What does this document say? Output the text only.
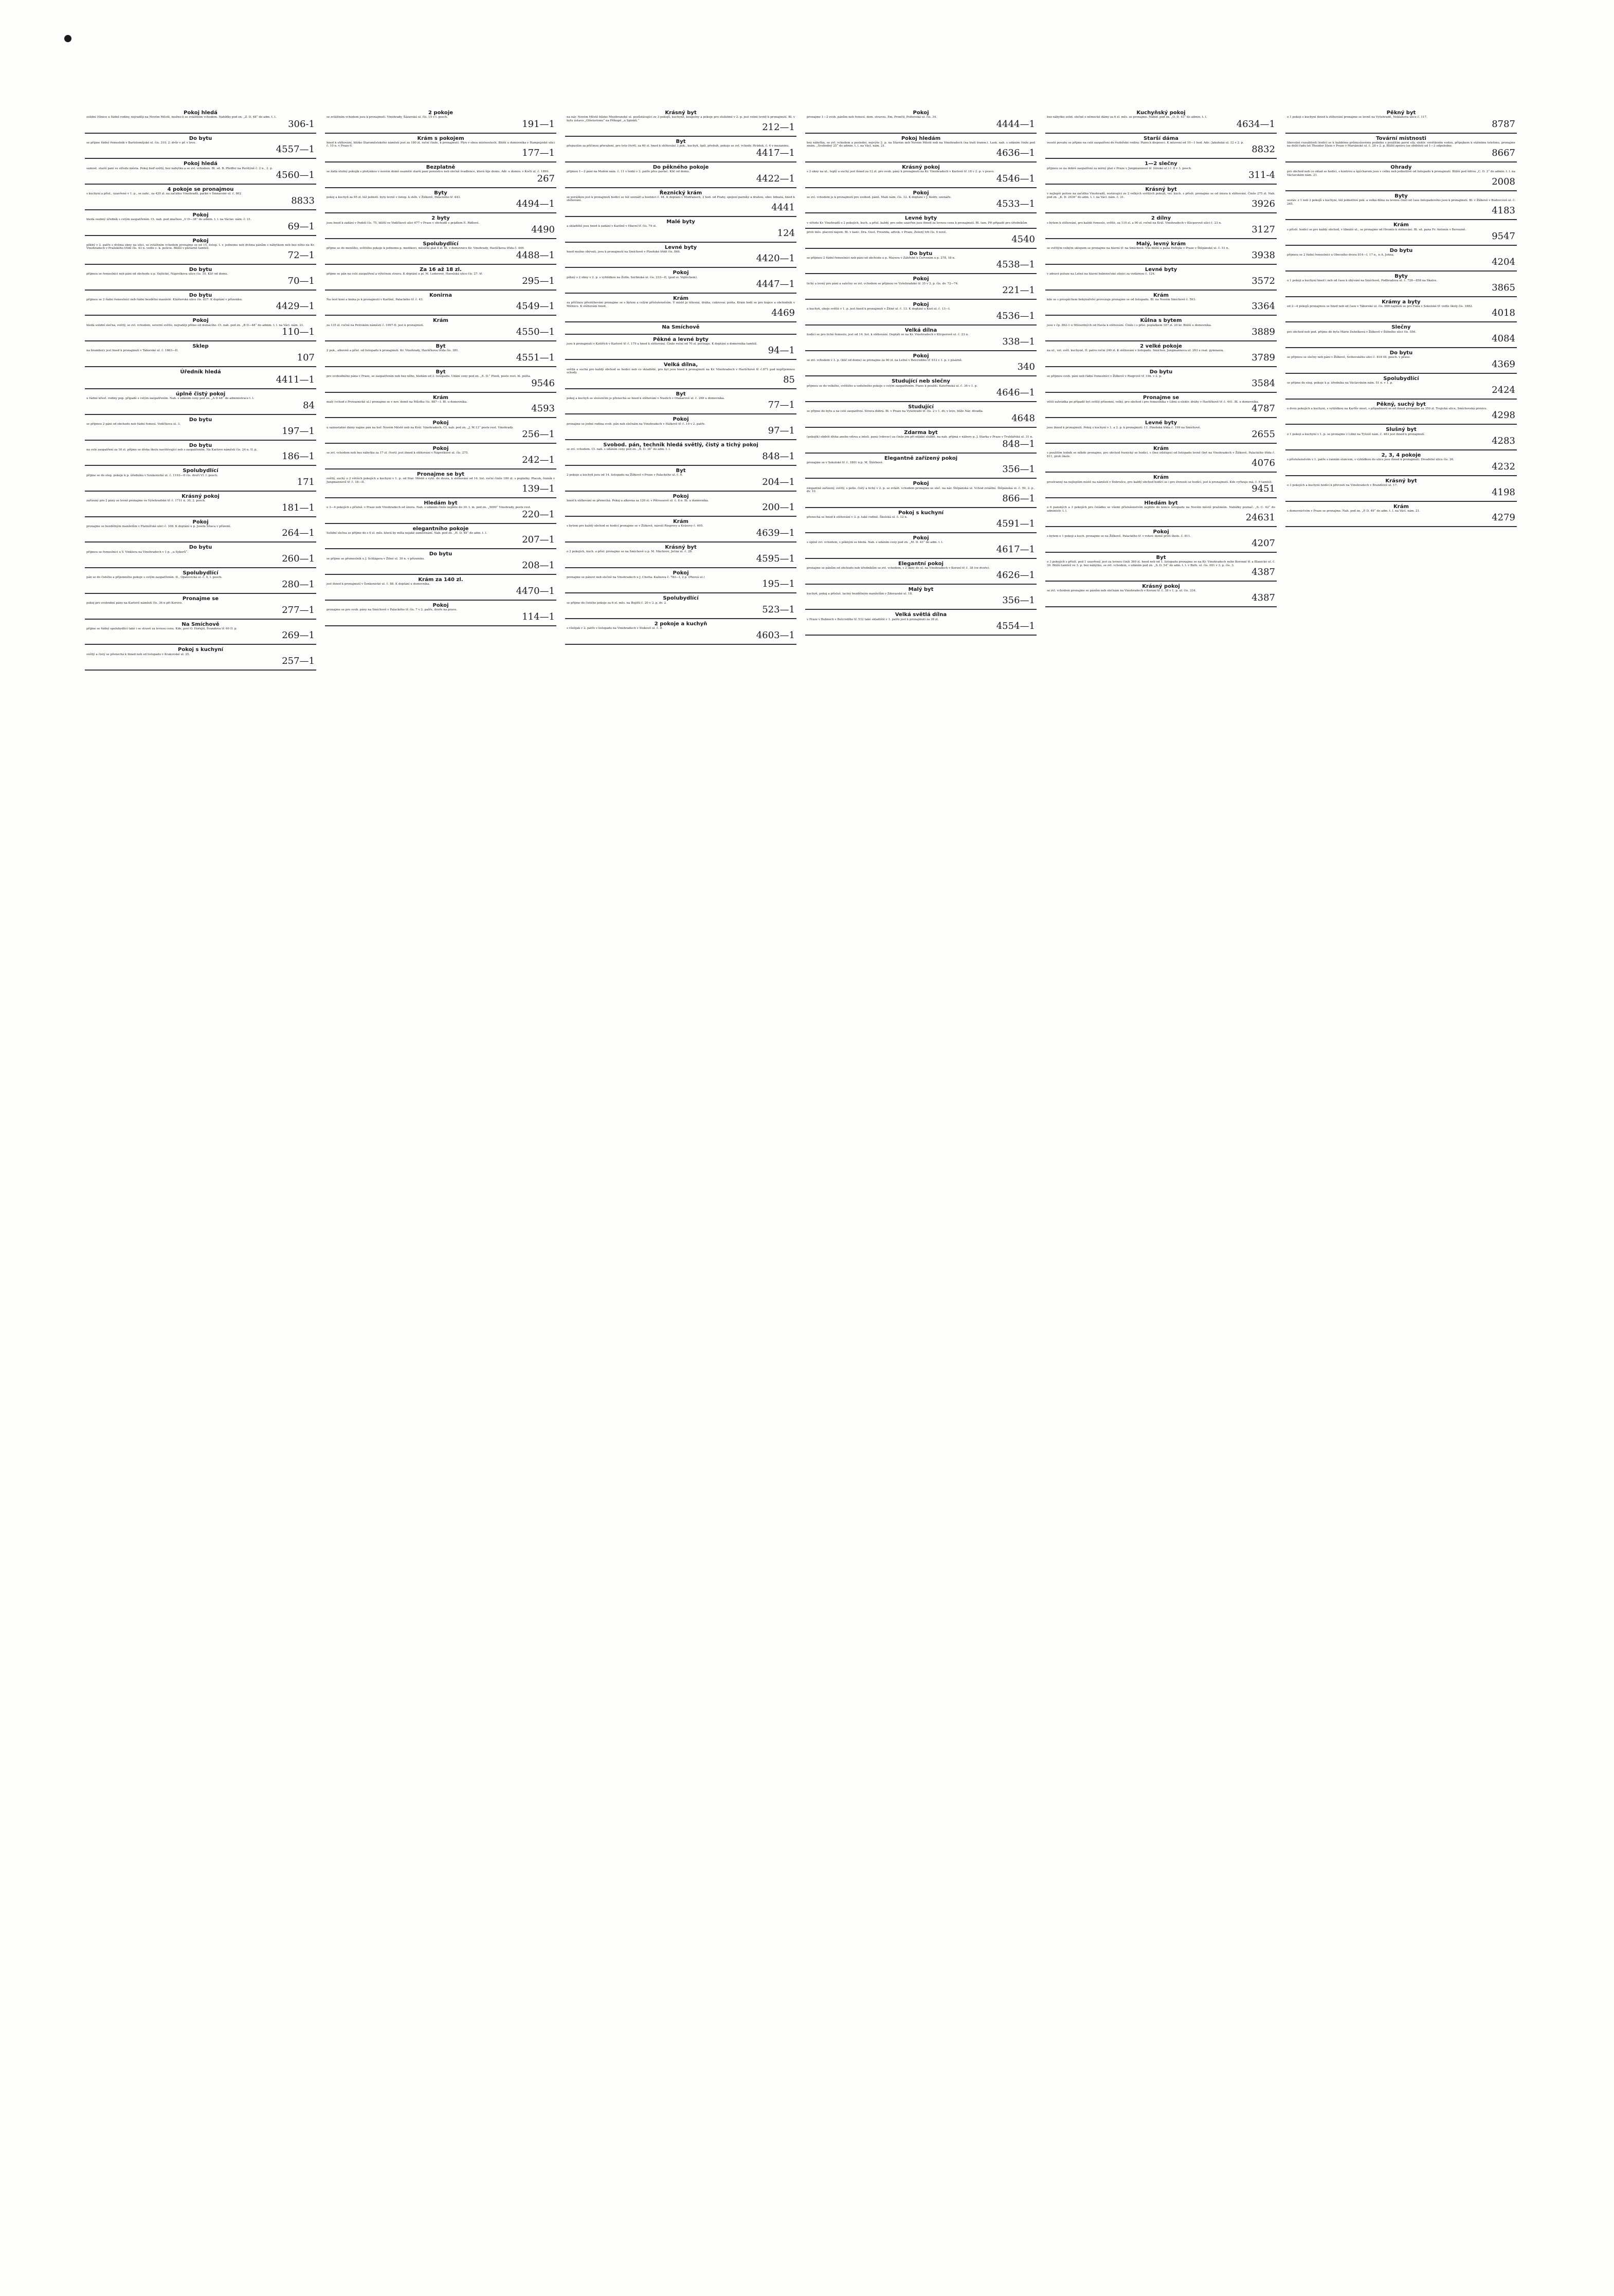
Pokoj hledá
solidní číšnice u řádné rodiny, nejraději na Novém Městě, možno-li se zvláštním vchodem. Nabídky pod zn. „Z. D. 48“ do adm. t. l.
306-1
Do bytu
se přijme řádný řemeslník v Bartolomějské ul. čís. 310, 2. dvůr v př. v levo.
4557—1
Pokoj hledá
samost. starší paní ve středu města. Pokoj buď světlý, bez nábytku a se zvl. vchodem. Bl. sd. B. Pfeiffer na Perštýně č. 2 n., 2. p.
4560—1
4 pokoje se pronajmou
s kuchyní a přísl., uzavřené v 1. p., se zahr., za 420 zl. na začátku Vinohradů. parkn v Šmnavské ul. č. 862
8833
Pokoj
hledá osobný úředník s celým zaopatřením. Ct. nab. pod značkou „U D—38“ do admin. t. l. na Václav. nám. č. 21.
69—1
Pokoj
pěkný v 2. patře s dvěma okny na ulici, se zvláštním vchodem pronajme se od 15. listop. t. r. jednomu neb dvěma pánům s nábytkem neb bez něho na Kr. Vinohradech v Pražského třídě čís. 43 n. vedle c. k. policie. Bližší v pletárně tamtéž.
72—1
Do bytu
přijmou se řemeslníci neb páni od obchodu u p. Vejšické, Náprstkova ulice čís. 10, Klíč od domu.
70—1
Do bytu
přijmou se 2 řádní řemeslníci neb řádní bezdětní manželé. Klášterská ulice čís. 837. K doptání v přízemku.
4429—1
Pokoj
hledá solidní slečna, světlý, se zvl. vchodem, severní světlo, nejraději přímo od domácího. Ct. nab. pod zn. „B D—48“ do admin. t. l. na Václ. nám. 21.
110—1
Sklep
na brambory jest hned k pronajmutí v Táborské ul. č. 1863—II.
107
Úředník hledá
4411—1
úplně čistý pokoj
u řádné křesť. rodiny pop. případě s celým zaopatřením. Nab. s udáním ceny pod zn. „A D 48“ do administrace t. l.
84
Do bytu
se přijmou 2 páni od obchodu neb řádní řemesl. Vodičkova ul. 3.
197—1
Do bytu
na celé zaopatření za 16 zl. přijme se dívka školu navštěvující neb s zaopatřením. Na Karlovo náměstí čís. 24 n. II. p.
186—1
Spolubydlící
přijme se do eleg. pokoje k p. úředníku v Soukenické ul. č. 1193—II čís. dveří VI. I. posch.
171
Krásný pokoj
zařízený pro 2 pány se levně pronajme ve Vyšehradské tř. č. 1711 n. 30, 2. posch.
181—1
Pokoj
pronajme se bezdětným manželům v Platnéřské ulici č. 108. K doptání u p. Josefa Šítaca v přízemí.
264—1
Do bytu
přijmou se řemeslníci u V. Vinklera na Vinohradech v 1 p. „u Sykorů“.
260—1
Spolubydlící
pán se do čistého a příjemného pokoje s celým zaopatřením. II., Opatovická ul. č. 4, I. posch.
280—1
Pronajme se
pokoj pro svobodné pány na Karlově náměstí čís. 36 n při Korovo.
277—1
Na Smíchově
přijme se řádný spolubydlící také i se stravě za levnou cenu. Kde, poví O. Hořejší, Švandova tř. 60 II. p.
269—1
Pokoj s kuchyní
světlý a čistý se přenechá k ihned neb od listopadu v Krakovské ul. 25.
257—1
2 pokoje
se zvláštním vchodem jsou k pronajmutí. Vinohrady, Šázavská ul. čís. 15 v I. posch.
191—1
Krám s pokojem
hned k stěhování, blízko Staroměstského náměstí jest za 180 zl. roční činže, k pronajmutí. Plyn v obou místnostech. Bližší u domovníka v Hampejzské ulici č. 10 n. v Praze-V.
177—1
Bezplatně
se žádá útulný pokojík s plotynkou v novém domě osamělé starší paní pensistce neb slečně švadlence, která šije domu. Adr. u domov. v Kočlí ul. č. 1899.
267
Byty
pokoj a kuchyň za 95 zl. též jednotl. byty levně v listop. k stěh. v Žižkově, Palackého tř. 443.
4494—1
2 byty
jsou hned k zadání v Podolí čís. 75, bližší ve Vodičkově ulici 677 v Praze v obchodě s prádlem E. Ridlové.
4490
Spolubydlící
přijme se do menšího, světlého pokoje k jednomu p. medikovi, měsíční plat 8 zl. Bl. v domovnice Kr. Vinohrady, Havlíčkova třída č. 449.
4488—1
Za 16 až 18 zl.
přijme se pán na celé zaopatření a výtečnou stravu. K doptání u pí. M. Lederové, Havelská ulice čís. 27. tř.
295—1
Konirna
Na šest koní a knina je k pronajmutí v Karlíně, Palackého tř. č. 43.
4549—1
Krám
za 135 zl. ročně na Petrském náměstí č. 1097-II. jest k pronajmutí.
4550—1
Byt
2 pok., alkovně a přísl. od listopadu k pronajmutí. Kr. Vinohrady, Havlíčkova třída čís. 381.
4551—1
Byt
pro svobodného pána v Praze, se zaopatřením neb bez něho, hledám od 2. listopadu. Udání ceny pod zn. „E. D.“ Plzeň, poste rest. hl. pošta.
9546
Krám
malý (vchod z Provaznické ul.) pronajme se v nov. domě na Můstku čís. 887—I. Bl. u domovníka.
4593
Pokoj
u samostatné dámy najme pán na hoř. Novém Městě neb na Král. Vinohradech. Ct. nab. pod zn. „J. M.13“ poste rest. Vinohrady.
256—1
Pokoj
se zvl. vchodem neb bez nábytku za 17 zl. čtvrtl. jest ihned k stěhování v Náprstkové ul. čís. 275.
242—1
Pronajme se byt
světlý, suchý o 2 větších pokojích a kuchyni v 1. p. od Star. Městě s vyhl. do dvora, k stěhování od 14. list. roční činže 180 zl. s poplatky. Placek, řezník v Jungmannově tř. č. 18—II.
139—1
Hledám byt
o 3—4 pokojích s přísluš. v Praze neb Vinohradech od února. Nab. s udáním činže nejdéle do 30. t. m. pod zn. „5000“ Vinohrady, poste rest.
220—1
elegantního pokoje
Solidní slečna se přijme do s 6 zl. měs. která by měla nejaké zaměstnání. Nab. pod zn. „H. D. 48“ do adm. t. l.
207—1
Do bytu
se přijme se přemeslník u J. Schlágera v Žitné ul. 30 n. v přízemku.
208—1
Krám za 140 zl.
jest ihned k pronajmutí v Šonkenické ul. č. 88. K doptání u domovníka.
4470—1
Pokoj
pronajme se pro svob. pány na Smíchově v Palackého tř. čís. 7 v 2. patře, dveře na pravo.
114—1
Krásný byt
na nár. Novém Městě blízko Mezibranské ul. pozůstávající ze 3 pokojů, kuchyně, koupelny a pokoje pro služebné v 2. p. jest velmi levně k pronajmutí. Bl. v bytu ústavu „Olšeterionu“ na Příkopě „u Spinků.“
212—1
Byt
přepustím za příčinou přeražení, pro toto čtvrtl. za 60 zl. hned k stěhování 3 pok., kuchyň, špíž, předsíň, pokoje se zvl. vchody. Hrádek, č. 4 v mezaninu.
4417—1
Do pěkného pokoje
přijmou 1—2 páni na Malém nám. č. 11 v lonbí v 3. patře přes pavlač. Klíč od domu.
4422—1
Řeznický krám
se poráškou jest k pronajmutí hodicí se též uzenáři a hostinci č. 44. K doptání v Modřanech, 2 hod. od Prahy, spojení parníky a drahou, obec lidnatá, hned k stěhování.
4441
Malé byty
a skladiště jsou hned k zadání v Karlíně v Hlavní tř. čís. 79 st.
124
Levné byty
hned možno obývati, jsou k pronajmutí na Smíchově v Plzeňské třídě čís. 846.
4420—1
Pokoj
pěkný s 2 okny v 2. p. s vyhlídkou na Žofín. Serlinská ul. čís. 233—II, (pod sv. Vojtěchem).
4447—1
Krám
za příčinou přestěhování pronajme se s bytem a celým příslušenstvím. V místě je tělesná, dráha, cukrovar, pošta. Krám hodí se pro kupce a obchodník v Mělnice. K stěhování hned.
4469
Na Smíchově
Pěkné a levné byty
jsou k pronajmutí v Košířích v Karlově tř. č. 179 a hned k stěhování. Činže roční od 70 zl. počínaje. K doptání u domovníka tamtéž.
94—1
Velká dílna,
světlá a suchá pro každý obchod se hodící neb co skladiště, pro byt jsou hned k pronajmutí na Kr. Vinohradech v Havlíčkově tř. č.871 pod nepříjemnou schody.
85
Byt
pokoj a kuchyň se slovenčím je přenechá se hned k stěhování v Nuslích v Otakarově ul. č. 269 u domovníka.
77—1
Pokoj
pronajme se jedné rodina svob. pán neb slečnám na Vinohradech v Hálkově tř. č. 19 v 2. patře.
97—1
Svobod. pán, technik hledá světlý, čistý a tichý pokoj
se zvl. vchodem. Ct. nab. s udáním ceny pod zn. „B. D. 38“ do adm. t. l.
848—1
Byt
2 pokoje a kuchyň jsou od 14. listopadu na Žižkově v Praze v Palackého ul. č. 6.
204—1
Pokoj
hned k stěhování se přenechá. Pokoj a alkovna za 120 zl. v Pštrossově ul. č. 8 n. Bl. u domovníka.
200—1
Krám
s bytem pro každý obchod se hodící pronajme se v Žižkově, nároží Riegrovy a Krásovy č. 695.
4639—1
Krásný byt
o 2 pokojích, kuch. a přísl. pronajme se na Smíchově u p. M. Máchové, Ječná ul. č. 28.
4595—1
Pokoj
pronajme se pánovi neb slečně na Vinohradech u J. Chotta. Kašnova č. 783—I, 2 p. (Plzová ul.)
195—1
Spolubydlící
se přijme do čistého pokoje za 6 zl. měs. na Bojišti č. 20 v 3. p. dv. 2.
523—1
2 pokoje a kuchyň
s všelijak v 2. patře v listopadu na Vinohradech v Stokově ul. č. 8.
4603—1
Pokoj
pronajme 1—2 svob. pánům neb řemesl. dom. stravou. Em. Prončil, Poštovská ul. čís. 34.
4444—1
Pokoj hledám
bez nábytku, se zvl. vchodem a poslední, nejvýše 2. p. na Starém neb Novém Městě neb na Vinohradech (na trati tramw.). Lask. nab. s udáním činže pod znám. „Svobodný 25“ do admin. t. l. na Václ. nám. 21.
4636—1
Krásný pokoj
s 2 okny na ul., teplý a suchý jest ihned za 12 zl. pro svob. pány k pronajmutí na Kr. Vinohradech v Karlově tř. 18 v 2. p. v pravo.
4546—1
Pokoj
se zvl. vchodem je k pronajmutí pro svobod. páně. Malé nám. čís. 12. K doptání v J. Koldv, uzenáře.
4533—1
Levné byty
v středu Kr. Vinohradů o 2 pokojích, kuch. a přísl. každý, pro sebe uzavřen jsou ihned za levnou cenu k pronajmutí. Bl. tam. Při případě pro úředníkům
proti měs. placení najem. Bl. v kanc. Dra. Gust. Freunda, advok. v Praze, Zelený trh čís. 4 nové.
4540
Do bytu
se přijmou 2 řádní řemeslníci neb páni od obchodu u p. Mayera v Záhřebě k Červením u p. 278, 18 n.
4538—1
Pokoj
tichý a levný pro páni a salečny se zvl. vchodem se přijmou ve Vyšehradské tř. 35 v 3. p. čís. dv. 72—74.
221—1
Pokoj
a kuchyň, oboje světlé v 1. p. jest hned k pronajmutí v Žitné ul. č. 13. K doptání u Kozí ul. č. 13—I.
4536—1
Velká dílna
hodící se pro tiché řemeslo, jest od 14. list. k stěhování. Doptáti se na Kr. Vinohradech v Klicperově ul. č. 23 n.
338—1
Pokoj
se zvl. vchodem v 1. p. (klíč od domu) se pronajme za 90 zl. na Letné v Belcrediho tř. 612 v 1. p. v písárně.
340
Studující neb slečny
přijmou se do velkého, světlého a vzdušného pokoje s celým zaopatřením. Piano k použití. Kateřinská ul. č. 36 v 1. p.
4646—1
Studující
se přijme do bytu a na celé zaopatření. Strava dobrá. Bl. v Praze na Vyšehradě tř. čís. 2 v 1. dv. v levo, blíže Nár. divadla.
4648
Zdarma byt
(pokojík) obdrží dívka anebo vdova a inteli. paná (vdovec) za činže jen při nějaké službě. na nab. přijmá v nábory p. J. Starka v Praze v Truhlářská ul. 31 n.
848—1
Elegantně zařízený pokoj
pronajme se v Sokolské tř. č. 1801 n p. M. Štěrbové.
356—1
Pokoj
elegantně zařízený, světlý, s peňo. čistý a tichý v 2. p. se zvlášt. vchodem pronajme se sleč. na nár. Štěpánská ul. Vchod zvláštní. Štěpánská ul. č. 59, 2. p., dv. 10.
866—1
Pokoj s kuchyní
přenechá se hned k stěhování v 3. p. také rodině. Školská ul. č. 12 n.
4591—1
Pokoj
s úplně zvl. vchodem, s pěkným se bledá. Nab. s udáním ceny pod zn. „M. D. 43“ do adm. t. l.
4617—1
Elegantní pokoj
pronajme se pánům od obchodu neb úředníkům se zvl. vchodem, s 2 okny do ul. na Vinohradech v Koruní tř. č. 38 (ve dvoře).
4626—1
Malý byt
kuchyň, pokoj a přísluš. laciný bezdětným manželům v Zderazské ul. 18.
356—1
Velká světlá dílna
v Praze v Bubnech v Belcrediho tř. 532 také skladiště v 1. patře jest k pronajmutí za 38 zl.
4554—1
Kuchyňský pokoj
bez nábytku solid. slečně o německé dámy za 6 zl. měs. se pronajme. Nábid. pod zn. „O. D. 43“ do admin. t. l.
4634—1
Starší dáma
veselé povahy se přijme na celé zaopatření do řezbířské rodiny. Piano k disposici. K mluvení od 10—1 hod. Adr.: Jakubská ul. 12 v 2. p.
8832
1—2 slečny
přijmou se na dobré zaopatření za mírný plat v Praze v Jungmannově tř. (široké ul.) č. 8 v 3. posch.
311-4
Krásný byt
v nejlepší poloze na začátku Vinohradů, sestávající ze 2 velkých světlých pokojů, vel. kuch. s příslš. pronajme se od února k stěhování. Činže 275 zl. Nab. pod zn. „K. D. 2036“ do adm. t. l. na Václ. nám. č. 21.
3926
2 dílny
s bytem k stěhování, pro každé řemeslo, světlé, za 110 zl. a 90 zl. ročně na Král. Vinohradech v Klicperově ulici č. 23 n.
3127
Malý, levný krám
se světlým velkým sklepem se pronajme na hlavní tř. na Smíchově. Vše bližší u pana Hořejše v Praze v Štěpánské ul. č. 51 n.
3938
Levné byty
v zdravé poloze na Letné na hlavní bubenečské silnici za vodárnou č. 124.
3572
Krám
kde se s prospěchem bokynářství provozuje pronajme se od listopadu. Bl. na Novém Smíchově č. 593.
3364
Kůlna s bytem
jsou v čp. 862-1 u Milosrdných od Havla k stěhování. Činže i s přísl. poplatkem 187 zl. 20 kr. Bližší u domovníka.
3889
2 velké pokoje
na ul., vel. svět. kuchyně, II. patro roční 240 zl. K stěhování v listopadu. Smíchov, Jungmannova ul. 283 u real. gymnasia.
3789
Do bytu
se přijmou svob. páni neb řádní řemeslníci v Žižkově v Riegrově tř. 10n. v 2. p.
3584
Pronajme se
větší zahrádka po případě byt světlý přízemní, velký, pro obchod i pro řemeslníka v Libni u elektr. dráhy v Havlíčkově tř. č. 441. Bl. u domovníka.
4787
Levné byty
jsou ihned k pronajmutí. Pokoj s kuchyní v 1. a 2. p. k pronajmutí: 11. Plzeňská třída č. 199 na Smíchově.
2655
Krám
s použitím ledník se někde pronajme, pro obchod řeznický se hodící, s (bez odstupu) od listopadu levně (byt na Vinohradech v Žižkově, Palackého třída č. 811, proti škole.
4076
Krám
prostranný na nejlepším místě na náměstí v Dobrušce, pro každý obchod hodící se i pro živnosti se hodící, jest k pronajmutí. Kde vyřizuje má. č. 9 tamtéž.
9451
Hledám byt
o 6 panských a 3 pokojích pro čeládku se všemi příslušenstvím nejdéle do konce listopadu na Novém městě pražském. Nabídky poznač. „S. C. 42“ do administr. t. l.
24631
Pokoj
s bytem o 1 pokoji a kuch. pronajme se na Žižkově, Palackého tř. v rohov. domě proti škole. č. 811.
4207
Byt
o 3 pokojích s příslš. pod 1 uzavřený, jest za levnou činži 360 zl. hned neb od 1. listopadu pronajme se na Kr. Vinohradech nebo Koronní tř. a Blanické ul. č. 30. Bližší tamtéž ve 3. p. bez nábytku, se zvl. vchodem, s udáním pod zn. „S. D. 54“ do adm. t. l. v Bulh. ul. čís. 691 v 3. p. čís. 3.
4387
Krásný pokoj
se zvl. vchodem pronajme se pánům neb slečnám na Vinohradech v Koruní tř. č. 38 v 1. p. ul. čís. 334.
4387
Pěkný byt
o 1 pokoji s kuchyní ihned k stěhování pronajme se levně na Vyšehradě, Neklanova ulice č. 117.
8787
Tovární místnosti
libovolné rozsáhlosti hodící se k každému průmyslovému podniku s použitím parní síly, elektr. osvětlením vodou, přípojkem k státnímu telefonu, pronajme na delší řadu let Theodor Stein v Praze v Mariánské ul. č. 28 v 2. p. Bližší zprávu lze obdržeti od 1—3 odpoledne.
8667
Ohrady
pro obchod neb co sklad se hodící, s kontrou a špýcharem jsou v celku neb jednotlivě od listopadu k pronajmutí. Bližší pod šifrou „C. D. 3“ do admin. t. l. na Václavském nám. 21.
2008
Byty
sestáv. z 1 neb 2 pokojů s kuchyní, též jednotlivé pok. a velká dílna za levnou činži od času listopadového jsou k pronajmutí. Bl. v Žižkově v Budovcově ul. č. 265.
4183
Krám
s příslš. hodící se pro každý obchod, v líbnáté ul., se pronajme od Hromlo k stěhování. Bl. sd. pana Fr. Antonín v Beroumě.
9547
Do bytu
přijmou se 2 řádní řemeslníci u Obecního dvora 814—I, 17 n., n A. Johna.
4204
Byty
o 1 pokoji a kuchyní hned i neb od času k obývání na Smíchově, Podbradova ul. č. 728—858 na Skalce.
3865
Krámy a byty
od 2—4 pokojů pronajmou se hned neb od času v Táborské ul. čís. 888 najmutí se pro Fiála v Sokolské tř. vedle školy čís. 1882.
4018
Slečny
pro obchod neb pod. přijme do bytu Marie Debelková v Žižkově v Štítného ulici čís. 556.
4084
Do bytu
se přijmou se slečny neb páni v Žižkově, Svihovského ulici č. 818 III. posch. v pravo.
4369
Spolubydlící
se přijme do eleg. pokoje k p. úředníku na Václavském nám. 51 n. v 1. p.
2424
Pěkný, suchý byt
o dvou pokojích a kuchyni, s vyhlídkou na Karlův most, s případností se od ihned pronajme za 350 zl. Trojická ulice, Smíchovská pivnice.
4298
Slušný byt
o 1 pokoji a kuchyní v 1. p. se pronajme v Libni na Tylově nám. č. 483 jest ihned k pronajmutí.
4283
2, 3, 4 pokoje
s příslušenstvím v 1. patře s ranním sluncem, s vyhlídkou do ulice jsou ihned k pronajmutí. Divadelní ulice čís. 26.
4232
Krásný byt
o 3 pokojích a kuchyni hodící k převzetí na Vinohradech v Brandlově ul. 17.
4198
Krám
s domovnictvím v Praze se pronajme. Nab. pod zn. „P. D. 49“ do adm. t. l. na Václ. nám. 21.
4279
